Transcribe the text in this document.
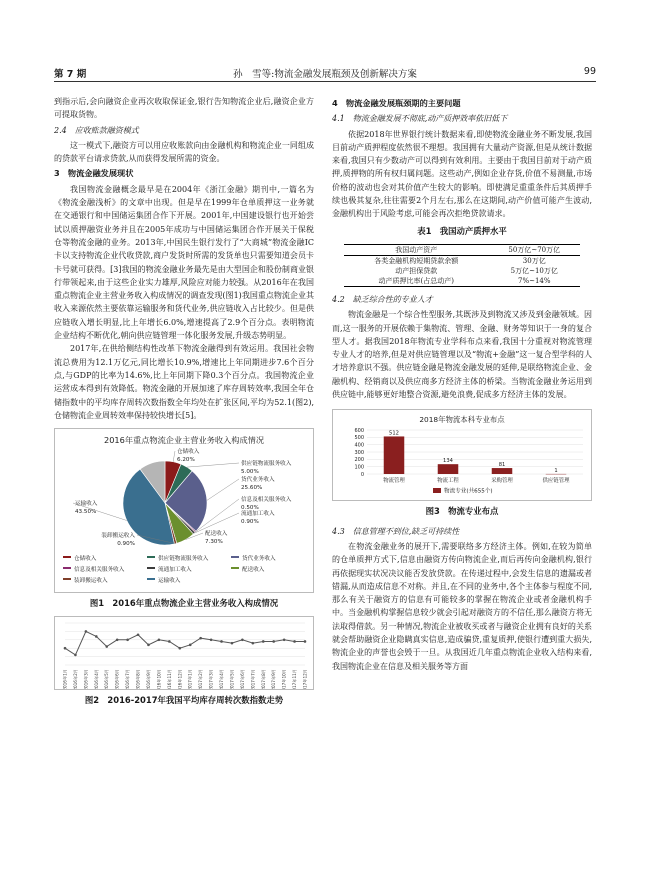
第 7 期	孙　雪等:物流金融发展瓶颈及创新解决方案	99
到指示后,会向融资企业再次收取保证金,银行告知物流企业后,融资企业方可提取货物。
2.4　应收账款融资模式
这一模式下,融资方可以用应收账款向由金融机构和物流企业一同组成的贷款平台请求贷款,从而获得发展所需的资金。
3　物流金融发展现状
我国物流金融概念最早是在2004年《浙江金融》期刊中,一篇名为《物流金融浅析》的文章中出现。但是早在1999年仓单质押这一业务就在交通银行和中国储运集团合作下开展。2001年,中国建设银行也开始尝试以质押融资业务并且在2005年成功与中国储运集团合作开展关于保税仓等物流金融的业务。2013年,中国民生银行发行了“大商城”物流金融IC卡以支持物流企业代收贷款,商户发货时所需的发货单也只需要知道会员卡卡号就可获得。[3]我国的物流金融业务最先是由大型国企和股份制商业银行带领起来,由于这些企业实力雄厚,风险应对能力较强。从2016年在我国重点物流企业主营业务收入构成情况的调查发现(图1)我国重点物流企业其收入来源依然主要依靠运输服务和货代业务,供应链收入占比较少。但是供应链收入增长明显,比上年增长6.0%,增速提高了2.9个百分点。表明物流企业结构不断优化,朝向供应链管理一体化服务发展,升级态势明显。
2017年,在供给侧结构性改革下物流金融得到有效运用。我国社会物流总费用为12.1万亿元,同比增长10.9%,增速比上年同期进步7.6个百分点,与GDP的比率为14.6%,比上年同期下降0.3个百分点。我国物流企业运营成本得到有效降低。物流金融的开展加速了库存周转效率,我国全年仓储指数中的平均库存周转次数指数全年均处在扩张区间,平均为52.1(图2),仓储物流企业周转效率保持较快增长[5]。
2016年重点物流企业主营业务收入构成情况
仓储收入
6.20%
供应链物流服务收入
5.00%
货代业务收入
25.60%
信息及相关服务收入
0.50%
流通加工收入
0.90%
配送收入
7.30%
装卸搬运收入
0.90%
运输收入
43.50%
仓储收入	供应链物流服务收入	货代业务收入
信息及相关服务收入	流通加工收入	配送收入
装卸搬运收入	运输收入
图1　2016年重点物流企业主营业务收入构成情况
2016年1月 2016年2月 2016年3月 2016年4月 2016年5月 2016年6月 2016年7月 2016年8月 2016年9月 2016年10月 2016年11月 2016年12月 2017年1月 2017年2月 2017年3月 2017年4月 2017年5月 2017年6月 2017年7月 2017年8月 2017年9月 2017年10月 2017年11月 2017年12月
图2　2016-2017年我国平均库存周转次数指数走势
4　物流金融发展瓶颈期的主要问题
4.1　物流金融发展不彻底,动产质押效率依旧低下
依据2018年世界银行统计数据来看,即使物流金融业务不断发展,我国目前动产质押程度依然很不理想。我国拥有大量动产资源,但是从统计数据来看,我国只有少数动产可以得到有效利用。主要由于我国目前对于动产质押,质押物的所有权归属问题。这些动产,例如企业存货,价值不易测量,市场价格的波动也会对其价值产生较大的影响。即使满足重重条件后其质押手续也极其复杂,往往需要2个月左右,那么在这期间,动产价值可能产生波动,金融机构出于风险考虑,可能会再次拒绝贷款请求。
表1　我国动产质押水平
我国动产资产	50万亿~70万亿
各类金融机构短期贷款余额	30万亿
动产担保贷款	5万亿~10万亿
动产质押比率(占总动产)	7%~14%
4.2　缺乏综合性的专业人才
物流金融是一个综合性型服务,其既涉及到物流又涉及到金融领域。因而,这一服务的开展依赖于集物流、管理、金融、财务等知识于一身的复合型人才。据我国2018年物流专业学科布点来看,我国十分重视对物流管理专业人才的培养,但是对供应链管理以及“物流+金融”这一复合型学科的人才培养意识不强。供应链金融是物流金融发展的延伸,是联络物流企业、金融机构、经销商以及供应商多方经济主体的桥梁。当物流金融业务运用到供应链中,能够更好地整合资源,避免浪费,促成多方经济主体的发展。
2018年物流本科专业布点
0
100
200
300
400
500
600	512
物流管理
134
物流工程
81
采购管理
1
供应链管理
物流专业(共655个)
图3　物流专业布点
4.3　信息管理不到位,缺乏可持续性
在物流金融业务的展开下,需要联络多方经济主体。例如,在较为简单的仓单质押方式下,信息由融资方传向物流企业,而后再传向金融机构,银行再依据现实状况决议能否发放贷款。在传递过程中,会发生信息的遗漏或者错漏,从而造成信息不对称。并且,在不同的业务中,各个主体参与程度不同,那么有关于融资方的信息有可能较多的掌握在物流企业或者金融机构手中。当金融机构掌握信息较少就会引起对融资方的不信任,那么融资方将无法取得借款。另一种情况,物流企业被收买或者与融资企业拥有良好的关系就会帮助融资企业隐瞒真实信息,造成骗贷,重复质押,使银行遭到重大损失,物流企业的声誉也会毁于一旦。从我国近几年重点物流企业收入结构来看,我国物流企业在信息及相关服务等方面
